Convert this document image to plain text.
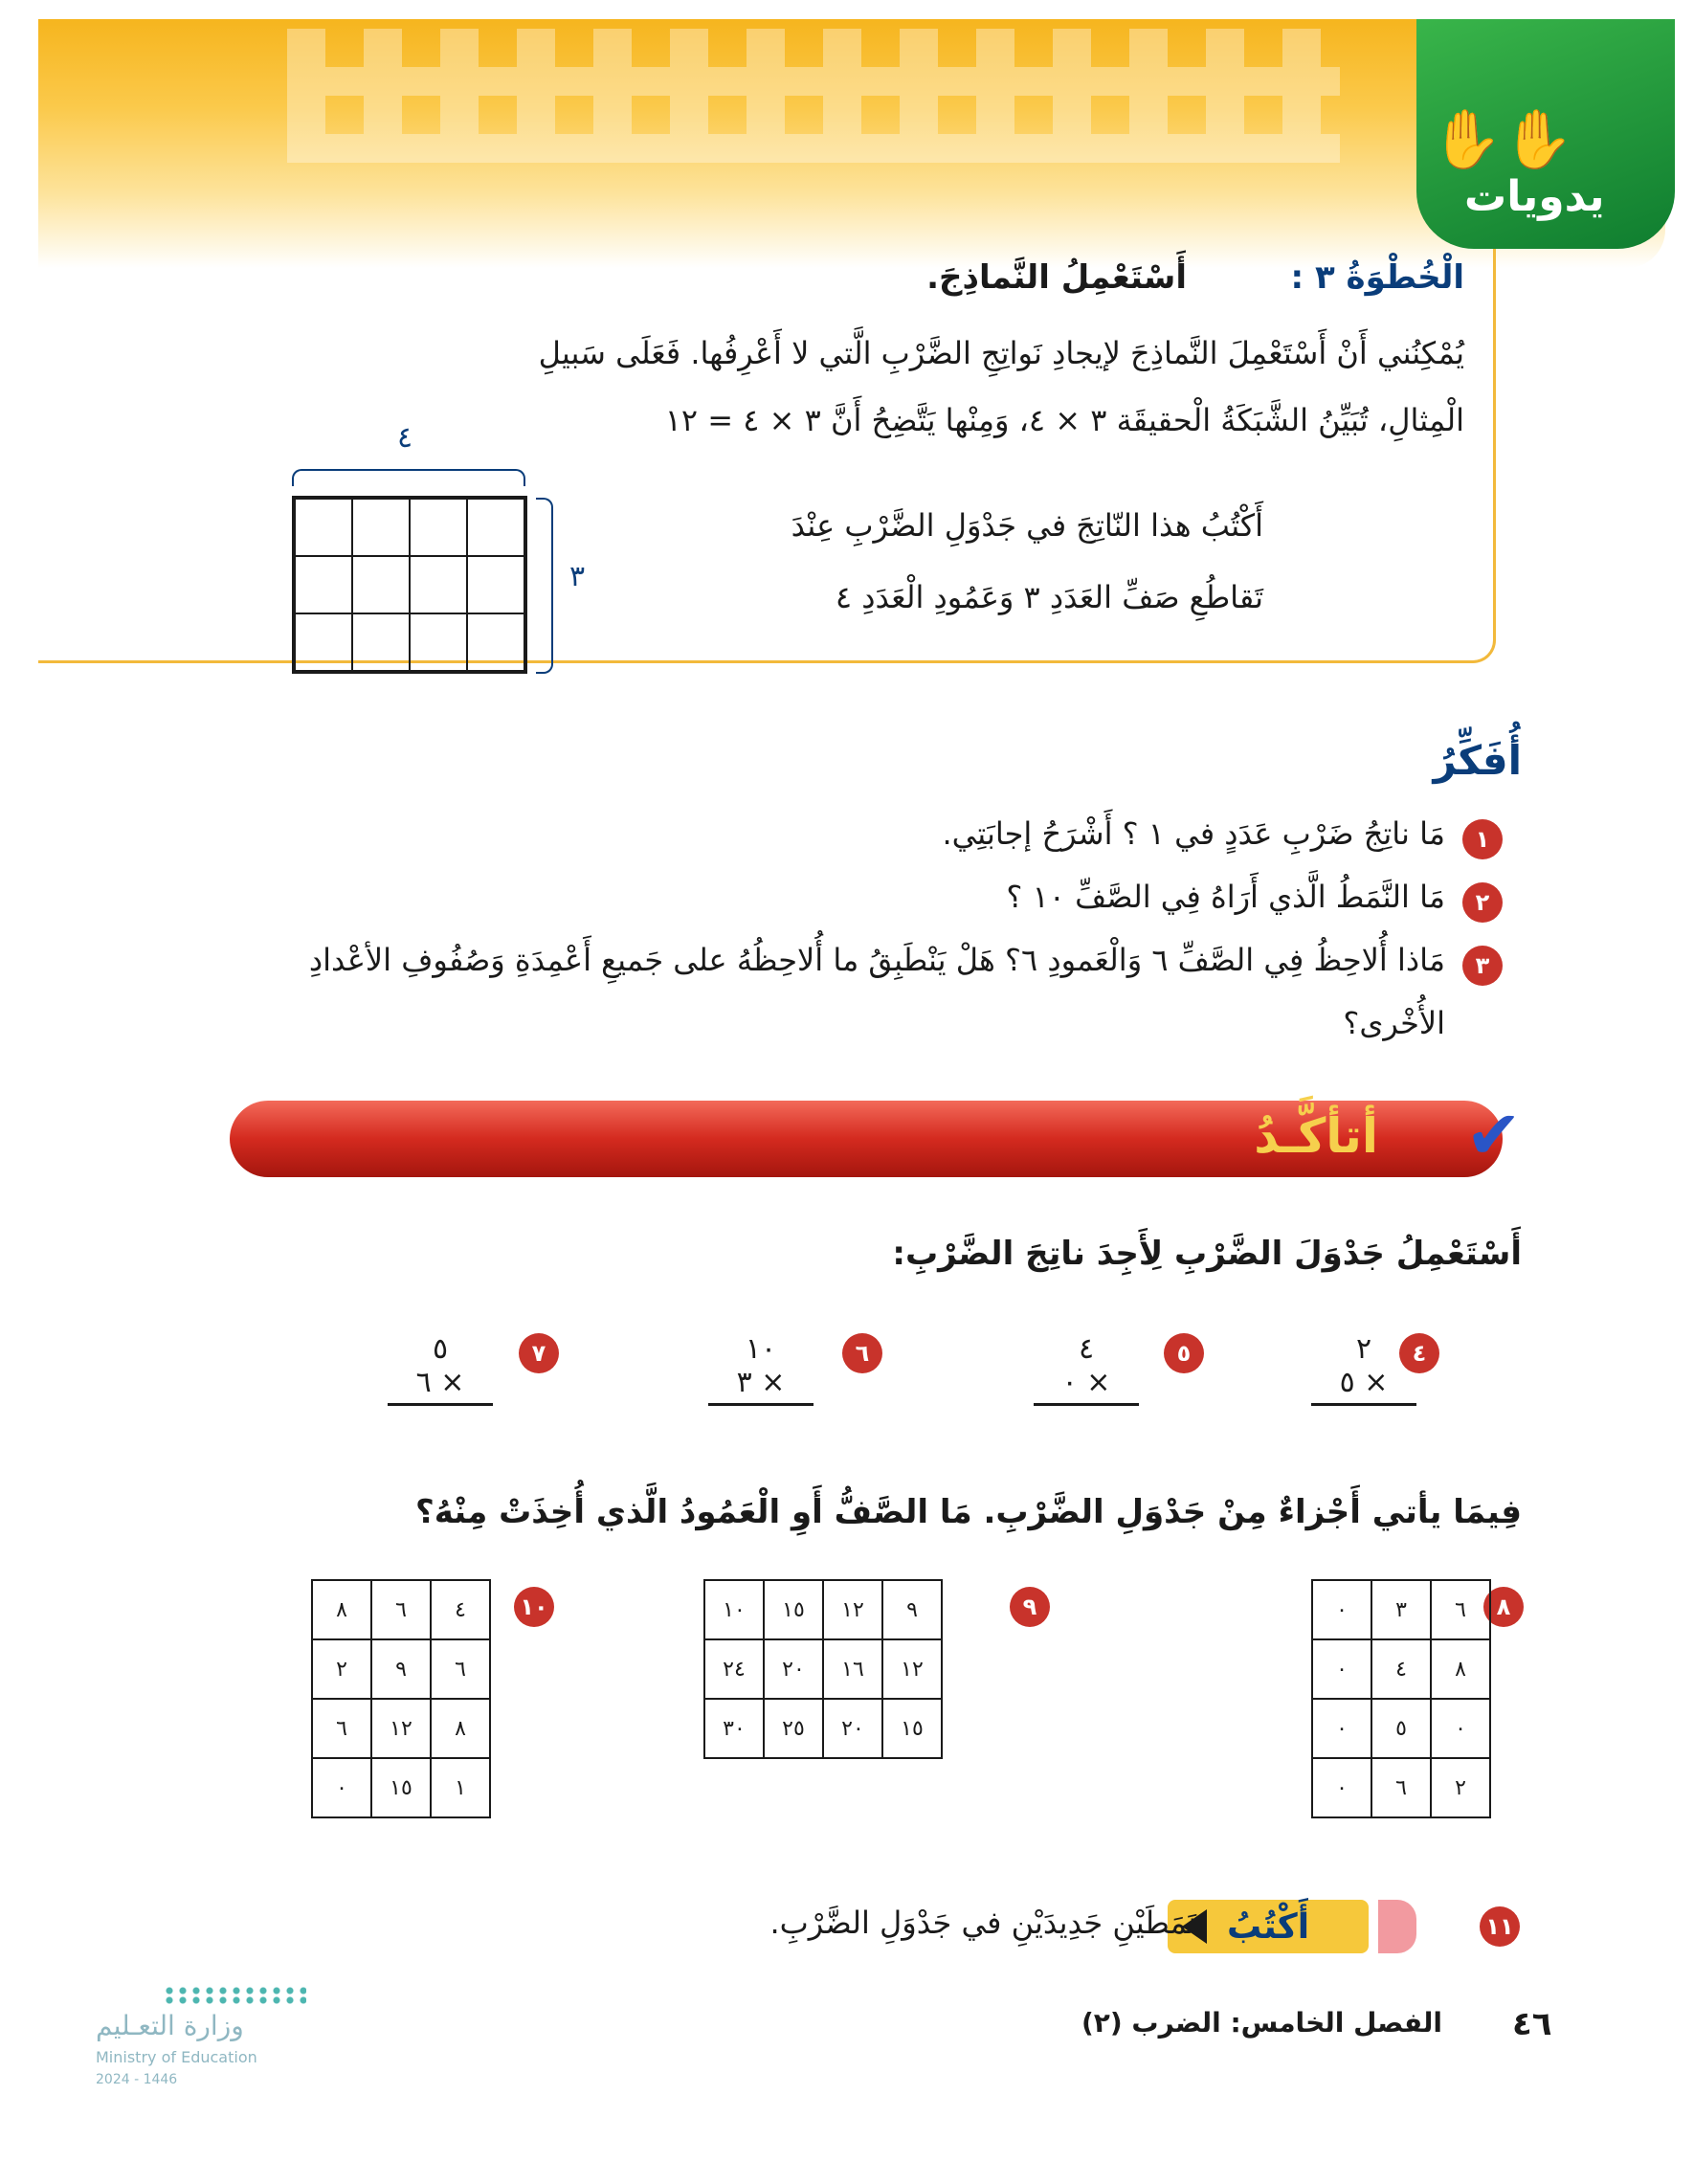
✋✋
يدويات
الْخُطْوَةُ ٣ :
أَسْتَعْمِلُ النَّماذِجَ.
يُمْكِنُني أَنْ أَسْتَعْمِلَ النَّماذِجَ لإيجادِ نَواتِجِ الضَّرْبِ الَّتي لا أَعْرِفُها. فَعَلَى سَبيلِ
الْمِثالِ، تُبَيِّنُ الشَّبَكَةُ الْحقيقَة ٣ × ٤، وَمِنْها يَتَّضِحُ أَنَّ ٣ × ٤ = ١٢
أَكْتُبُ هذا النّاتِجَ في جَدْوَلِ الضَّرْبِ عِنْدَ
تَقاطُعِ صَفِّ العَدَدِ ٣ وَعَمُودِ الْعَدَدِ ٤
٤
٣
أُفَكِّرُ
١
مَا ناتِجُ ضَرْبِ عَدَدٍ في ١ ؟ أَشْرَحُ إجابَتِي.
٢
مَا النَّمَطُ الَّذي أَرَاهُ فِي الصَّفِّ ١٠ ؟
٣
مَاذا أُلاحِظُ فِي الصَّفِّ ٦ وَالْعَمودِ ٦؟ هَلْ يَنْطَبِقُ ما أُلاحِظُهُ على جَميعِ أَعْمِدَةِ وَصُفُوفِ الأعْدادِ
الأُخْرى؟
أتأكَّـدُ ✔
أَسْتَعْمِلُ جَدْوَلَ الضَّرْبِ لِأَجِدَ ناتِجَ الضَّرْبِ:
٤
٢
٥ ×
٥
٤
٠ ×
٦
١٠
٣ ×
٧
٥
٦ ×
فِيمَا يأتي أَجْزاءٌ مِنْ جَدْوَلِ الضَّرْبِ. مَا الصَّفُّ أَوِ الْعَمُودُ الَّذي أُخِذَتْ مِنْهُ؟
٨
٠	٣	٦
٠	٤	٨
٠	٥	٠
٠	٦	٢
٩
١٠	١٥	١٢	٩
٢٤	٢٠	١٦	١٢
٣٠	٢٥	٢٠	١٥
١٠
٨	٦	٤
٢	٩	٦
٦	١٢	٨
٠	١٥	١
١١
أَكْتُبُ
نَمَطَيْنِ جَدِيدَيْنِ في جَدْوَلِ الضَّرْبِ.
٤٦
الفصل الخامس: الضرب (٢)
وزارة التعـليم
Ministry of Education
2024 - 1446
